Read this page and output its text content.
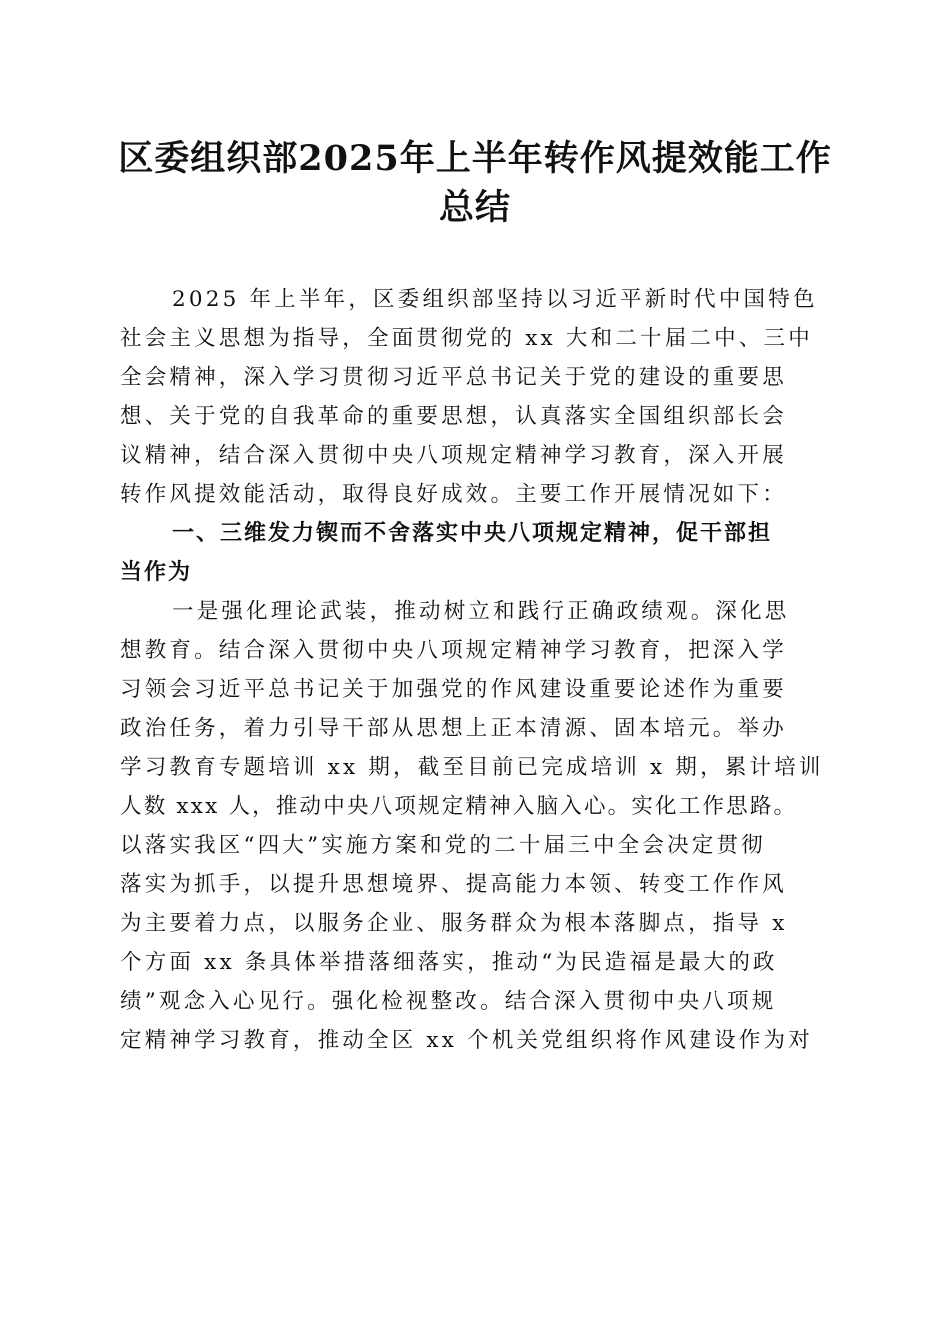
区委组织部2025年上半年转作风提效能工作
总结
2025 年上半年，区委组织部坚持以习近平新时代中国特色
社会主义思想为指导，全面贯彻党的 xx 大和二十届二中、三中
全会精神，深入学习贯彻习近平总书记关于党的建设的重要思
想、关于党的自我革命的重要思想，认真落实全国组织部长会
议精神，结合深入贯彻中央八项规定精神学习教育，深入开展
转作风提效能活动，取得良好成效。主要工作开展情况如下：
一、三维发力锲而不舍落实中央八项规定精神，促干部担
当作为
一是强化理论武装，推动树立和践行正确政绩观。深化思
想教育。结合深入贯彻中央八项规定精神学习教育，把深入学
习领会习近平总书记关于加强党的作风建设重要论述作为重要
政治任务，着力引导干部从思想上正本清源、固本培元。举办
学习教育专题培训 xx 期，截至目前已完成培训 x 期，累计培训
人数 xxx 人，推动中央八项规定精神入脑入心。实化工作思路。
以落实我区“四大”实施方案和党的二十届三中全会决定贯彻
落实为抓手，以提升思想境界、提高能力本领、转变工作作风
为主要着力点，以服务企业、服务群众为根本落脚点，指导 x
个方面 xx 条具体举措落细落实，推动“为民造福是最大的政
绩”观念入心见行。强化检视整改。结合深入贯彻中央八项规
定精神学习教育，推动全区 xx 个机关党组织将作风建设作为对
